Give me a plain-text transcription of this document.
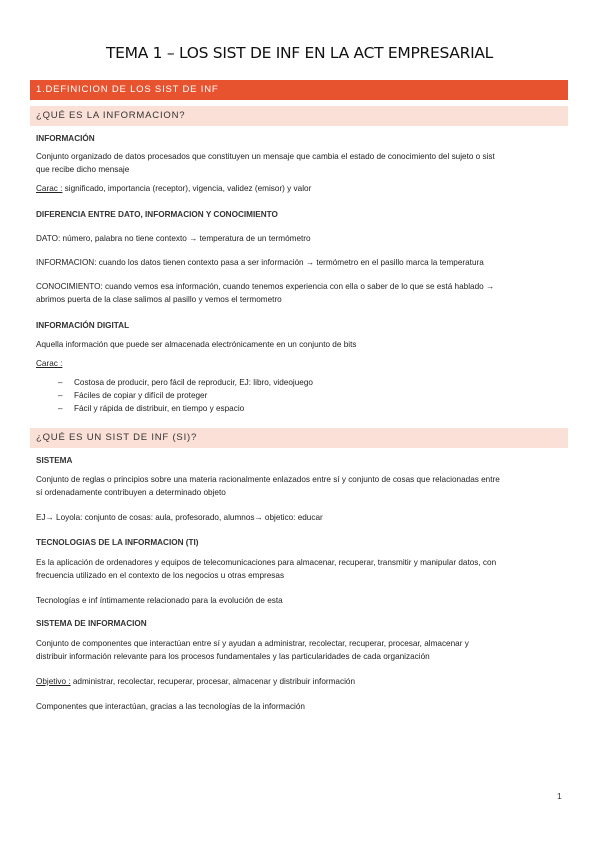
TEMA 1 – LOS SIST DE INF EN LA ACT EMPRESARIAL
1.DEFINICION DE LOS SIST DE INF
¿QUÉ ES LA INFORMACION?
INFORMACIÓN
Conjunto organizado de datos procesados que constituyen un mensaje que cambia el estado de conocimiento del sujeto o sist
que recibe dicho mensaje
Carac : significado, importancia (receptor), vigencia, validez (emisor) y valor
DIFERENCIA ENTRE DATO, INFORMACION Y CONOCIMIENTO
DATO: número, palabra no tiene contexto → temperatura de un termómetro
INFORMACION: cuando los datos tienen contexto pasa a ser información → termómetro en el pasillo marca la temperatura
CONOCIMIENTO: cuando vemos esa información, cuando tenemos experiencia con ella o saber de lo que se está hablado →
abrimos puerta de la clase salimos al pasillo y vemos el termometro
INFORMACIÓN DIGITAL
Aquella información que puede ser almacenada electrónicamente en un conjunto de bits
Carac :
– Costosa de producir, pero fácil de reproducir, EJ: libro, videojuego
– Fáciles de copiar y difícil de proteger
– Fácil y rápida de distribuir, en tiempo y espacio
¿QUÉ ES UN SIST DE INF (SI)?
SISTEMA
Conjunto de reglas o principios sobre una materia racionalmente enlazados entre sí y conjunto de cosas que relacionadas entre
sí ordenadamente contribuyen a determinado objeto
EJ→ Loyola: conjunto de cosas: aula, profesorado, alumnos→ objetico: educar
TECNOLOGIAS DE LA INFORMACION (TI)
Es la aplicación de ordenadores y equipos de telecomunicaciones para almacenar, recuperar, transmitir y manipular datos, con
frecuencia utilizado en el contexto de los negocios u otras empresas
Tecnologías e inf íntimamente relacionado para la evolución de esta
SISTEMA DE INFORMACION
Conjunto de componentes que interactúan entre sí y ayudan a administrar, recolectar, recuperar, procesar, almacenar y
distribuir información relevante para los procesos fundamentales y las particularidades de cada organización
Objetivo : administrar, recolectar, recuperar, procesar, almacenar y distribuir información
Componentes que interactúan, gracias a las tecnologías de la información
1
